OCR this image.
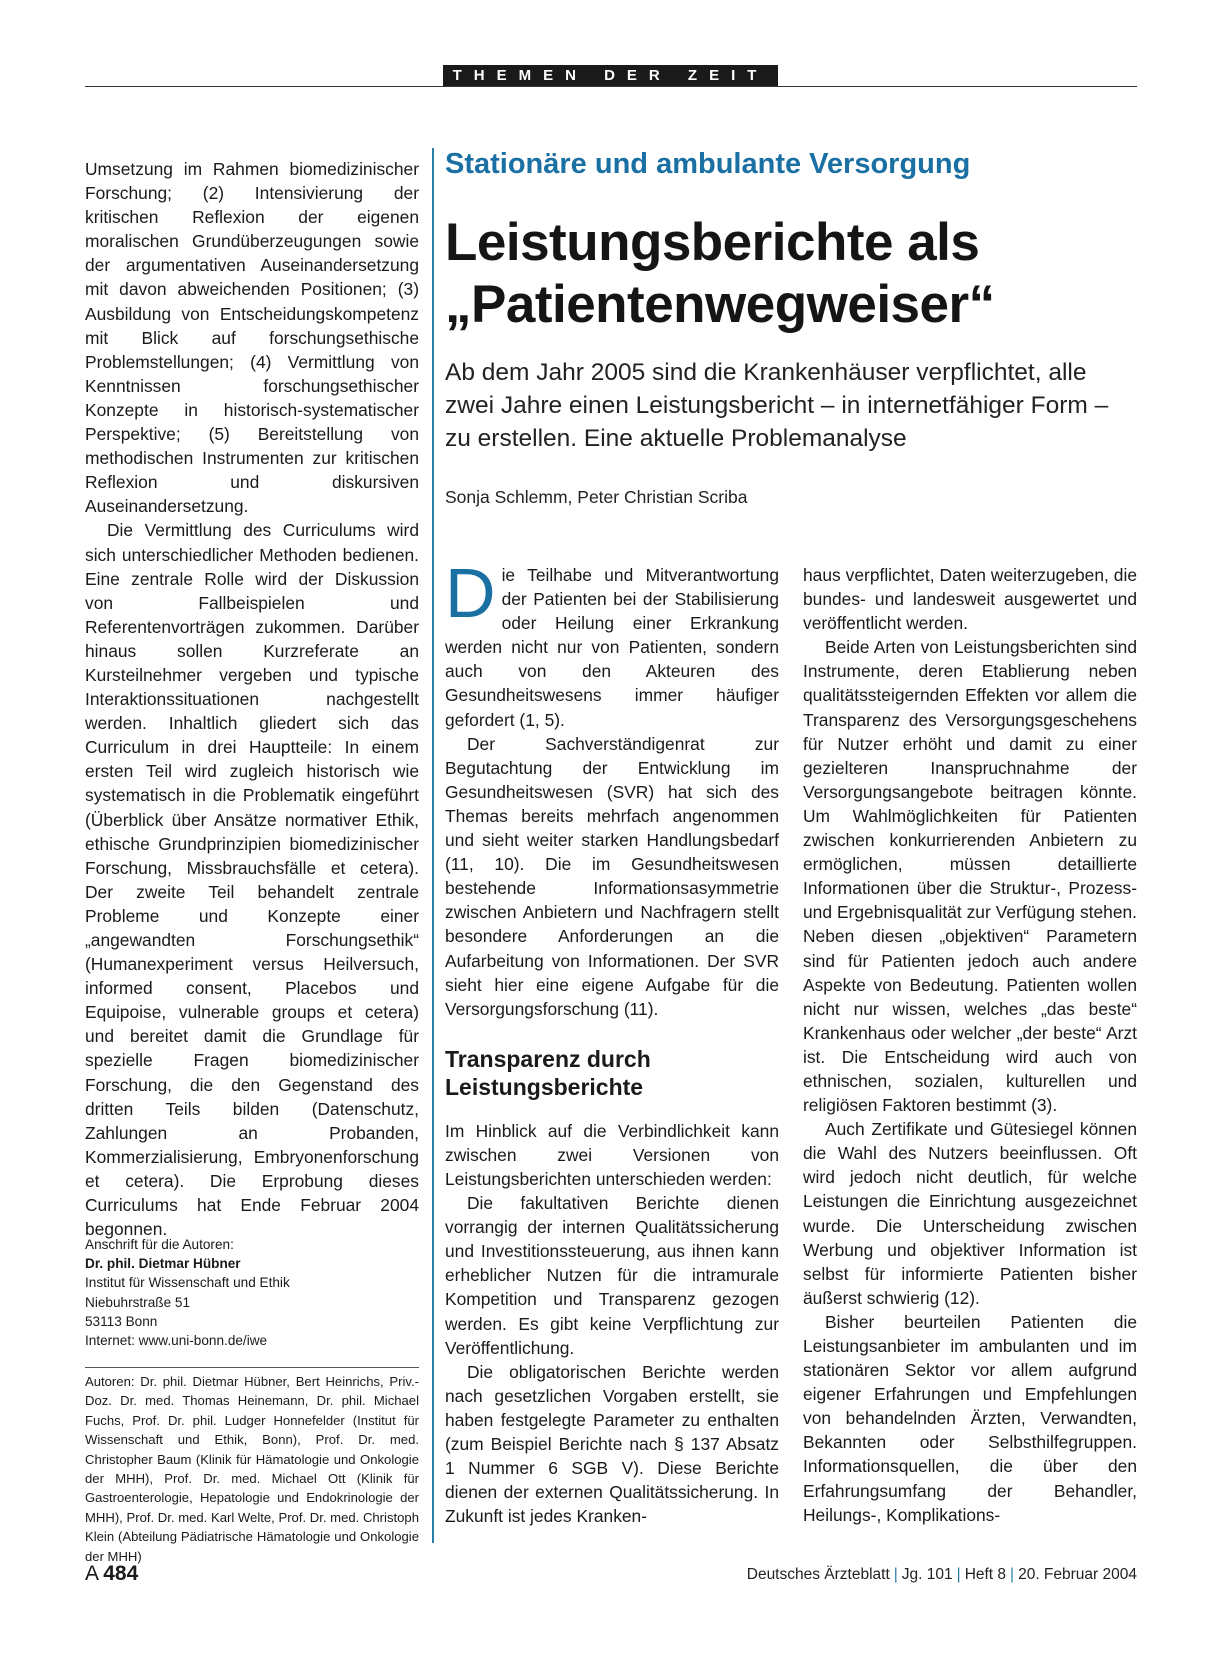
THEMEN DER ZEIT

Umsetzung im Rahmen biomedizinischer Forschung; (2) Intensivierung der kritischen Reflexion der eigenen moralischen Grundüberzeugungen sowie der argumentativen Auseinandersetzung mit davon abweichenden Positionen; (3) Ausbildung von Entscheidungskompetenz mit Blick auf forschungsethische Problemstellungen; (4) Vermittlung von Kenntnissen forschungsethischer Konzepte in historisch-systematischer Perspektive; (5) Bereitstellung von methodischen Instrumenten zur kritischen Reflexion und diskursiven Auseinandersetzung.

Die Vermittlung des Curriculums wird sich unterschiedlicher Methoden bedienen. Eine zentrale Rolle wird der Diskussion von Fallbeispielen und Referentenvorträgen zukommen. Darüber hinaus sollen Kurzreferate an Kursteilnehmer vergeben und typische Interaktionssituationen nachgestellt werden. Inhaltlich gliedert sich das Curriculum in drei Hauptteile: In einem ersten Teil wird zugleich historisch wie systematisch in die Problematik eingeführt (Überblick über Ansätze normativer Ethik, ethische Grundprinzipien biomedizinischer Forschung, Missbrauchsfälle et cetera). Der zweite Teil behandelt zentrale Probleme und Konzepte einer „angewandten Forschungsethik“ (Humanexperiment versus Heilversuch, informed consent, Placebos und Equipoise, vulnerable groups et cetera) und bereitet damit die Grundlage für spezielle Fragen biomedizinischer Forschung, die den Gegenstand des dritten Teils bilden (Datenschutz, Zahlungen an Probanden, Kommerzialisierung, Embryonenforschung et cetera). Die Erprobung dieses Curriculums hat Ende Februar 2004 begonnen.

Anschrift für die Autoren:
Dr. phil. Dietmar Hübner
Institut für Wissenschaft und Ethik
Niebuhrstraße 51
53113 Bonn
Internet: www.uni-bonn.de/iwe
Autoren: Dr. phil. Dietmar Hübner, Bert Heinrichs, Priv.-Doz. Dr. med. Thomas Heinemann, Dr. phil. Michael Fuchs, Prof. Dr. phil. Ludger Honnefelder (Institut für Wissenschaft und Ethik, Bonn), Prof. Dr. med. Christopher Baum (Klinik für Hämatologie und Onkologie der MHH), Prof. Dr. med. Michael Ott (Klinik für Gastroenterologie, Hepatologie und Endokrinologie der MHH), Prof. Dr. med. Karl Welte, Prof. Dr. med. Christoph Klein (Abteilung Pädiatrische Hämatologie und Onkologie der MHH)
Stationäre und ambulante Versorgung
Leistungsberichte als
„Patientenwegweiser“
Ab dem Jahr 2005 sind die Krankenhäuser verpflichtet, alle zwei Jahre einen Leistungsbericht – in internetfähiger Form – zu erstellen. Eine aktuelle Problemanalyse
Sonja Schlemm, Peter Christian Scriba

Die Teilhabe und Mitverantwortung der Patienten bei der Stabilisierung oder Heilung einer Erkrankung werden nicht nur von Patienten, sondern auch von den Akteuren des Gesundheitswesens immer häufiger gefordert (1, 5).

Der Sachverständigenrat zur Begutachtung der Entwicklung im Gesundheitswesen (SVR) hat sich des Themas bereits mehrfach angenommen und sieht weiter starken Handlungsbedarf (11, 10). Die im Gesundheitswesen bestehende Informationsasymmetrie zwischen Anbietern und Nachfragern stellt besondere Anforderungen an die Aufarbeitung von Informationen. Der SVR sieht hier eine eigene Aufgabe für die Versorgungsforschung (11).

Transparenz durch Leistungsberichte

Im Hinblick auf die Verbindlichkeit kann zwischen zwei Versionen von Leistungsberichten unterschieden werden:

Die fakultativen Berichte dienen vorrangig der internen Qualitätssicherung und Investitionssteuerung, aus ihnen kann erheblicher Nutzen für die intramurale Kompetition und Transparenz gezogen werden. Es gibt keine Verpflichtung zur Veröffentlichung.

Die obligatorischen Berichte werden nach gesetzlichen Vorgaben erstellt, sie haben festgelegte Parameter zu enthalten (zum Beispiel Berichte nach § 137 Absatz 1 Nummer 6 SGB V). Diese Berichte dienen der externen Qualitätssicherung. In Zukunft ist jedes Kranken-

haus verpflichtet, Daten weiterzugeben, die bundes- und landesweit ausgewertet und veröffentlicht werden.

Beide Arten von Leistungsberichten sind Instrumente, deren Etablierung neben qualitätssteigernden Effekten vor allem die Transparenz des Versorgungsgeschehens für Nutzer erhöht und damit zu einer gezielteren Inanspruchnahme der Versorgungsangebote beitragen könnte. Um Wahlmöglichkeiten für Patienten zwischen konkurrierenden Anbietern zu ermöglichen, müssen detaillierte Informationen über die Struktur-, Prozess- und Ergebnisqualität zur Verfügung stehen. Neben diesen „objektiven“ Parametern sind für Patienten jedoch auch andere Aspekte von Bedeutung. Patienten wollen nicht nur wissen, welches „das beste“ Krankenhaus oder welcher „der beste“ Arzt ist. Die Entscheidung wird auch von ethnischen, sozialen, kulturellen und religiösen Faktoren bestimmt (3).

Auch Zertifikate und Gütesiegel können die Wahl des Nutzers beeinflussen. Oft wird jedoch nicht deutlich, für welche Leistungen die Einrichtung ausgezeichnet wurde. Die Unterscheidung zwischen Werbung und objektiver Information ist selbst für informierte Patienten bisher äußerst schwierig (12).

Bisher beurteilen Patienten die Leistungsanbieter im ambulanten und im stationären Sektor vor allem aufgrund eigener Erfahrungen und Empfehlungen von behandelnden Ärzten, Verwandten, Bekannten oder Selbsthilfegruppen. Informationsquellen, die über den Erfahrungsumfang der Behandler, Heilungs-, Komplikations-

A  484	Deutsches Ärzteblatt | Jg. 101 | Heft 8 | 20. Februar 2004
